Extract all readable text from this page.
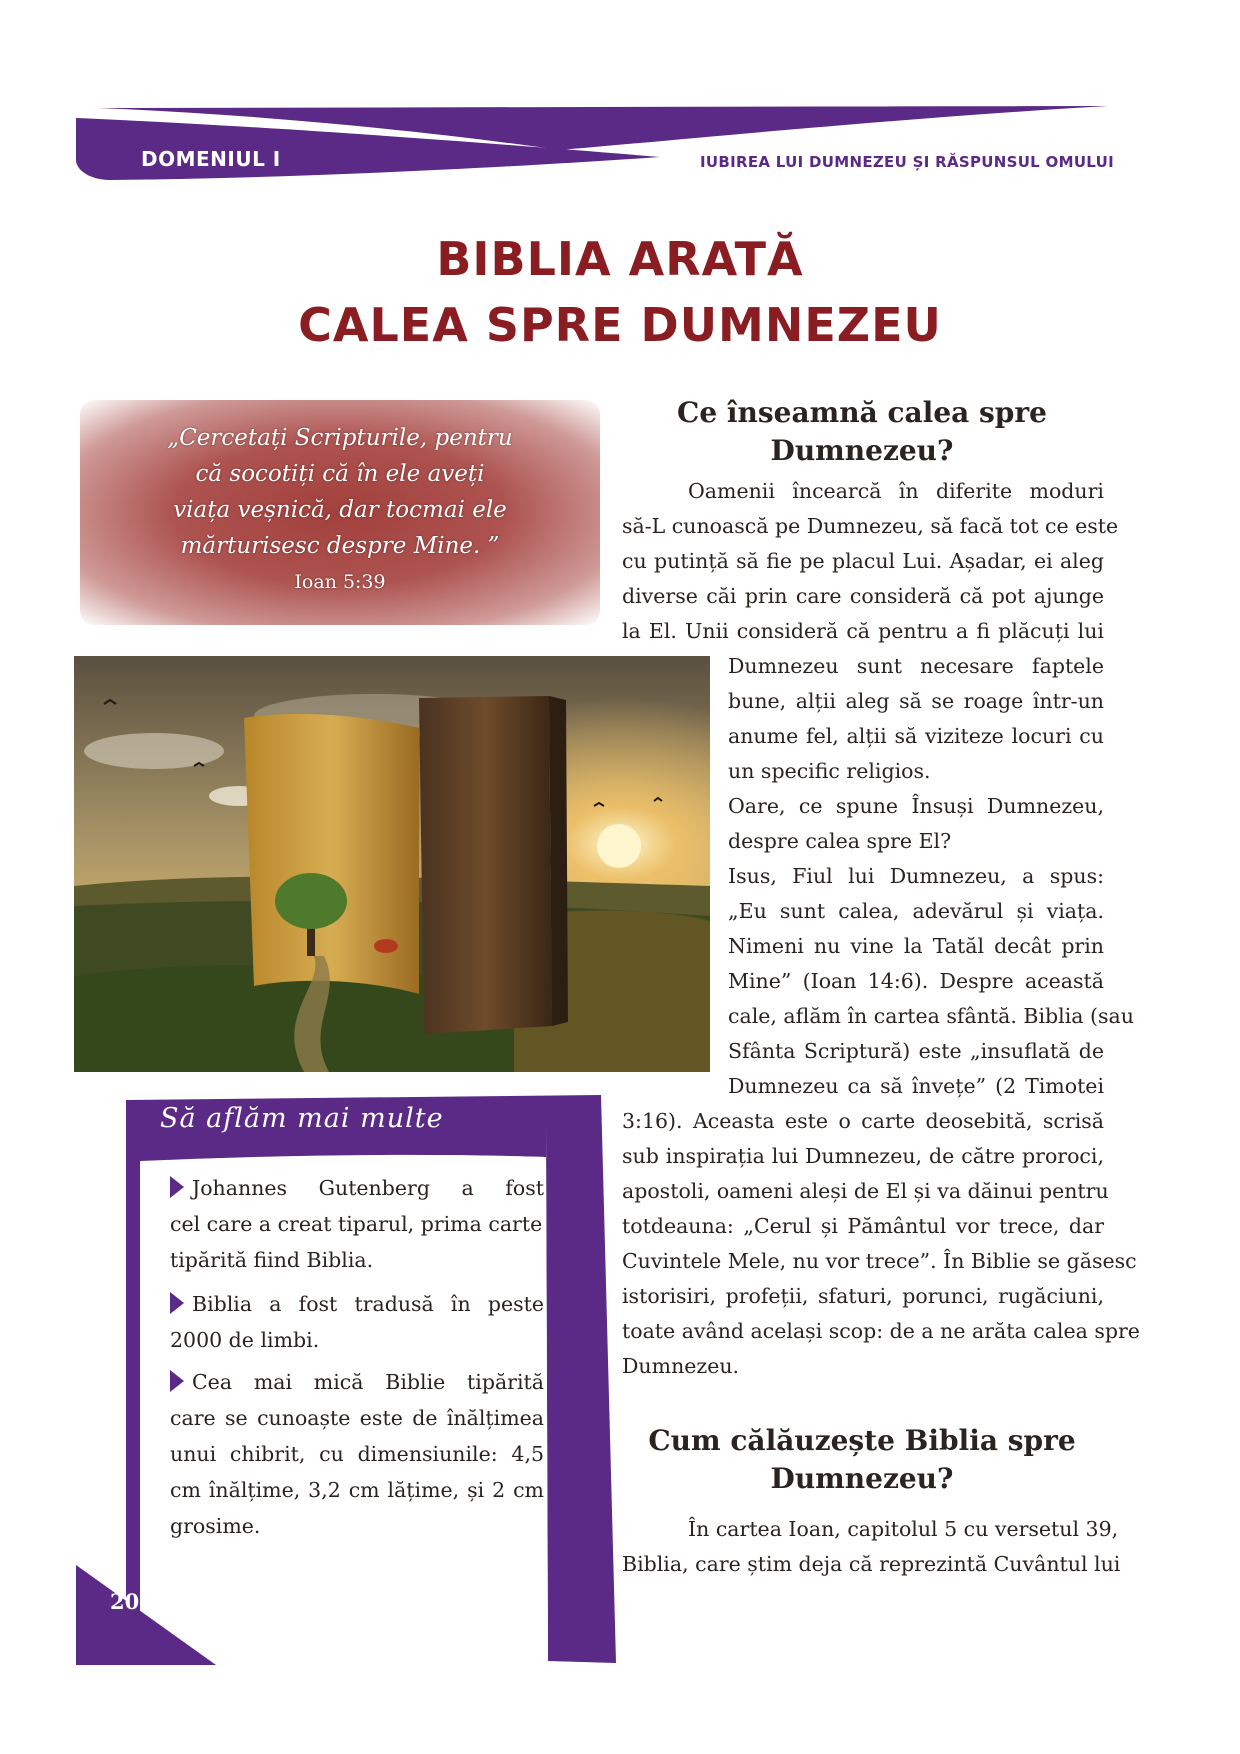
DOMENIUL I	IUBIREA LUI DUMNEZEU ȘI RĂSPUNSUL OMULUI
BIBLIA ARATĂ
CALEA SPRE DUMNEZEU
„Cercetați Scripturile, pentru
că socotiți că în ele aveți
viața veșnică, dar tocmai ele
mărturisesc despre Mine. ”
Ioan 5:39
Să aflăm mai multe
Johannes Gutenberg a fost
cel care a creat tiparul, prima carte
tipărită fiind Biblia.
Biblia a fost tradusă în peste
2000 de limbi.
Cea mai mică Biblie tipărită
care se cunoaște este de înălțimea
unui chibrit, cu dimensiunile: 4,5
cm înălțime, 3,2 cm lățime, și 2 cm
grosime.
20
Ce înseamnă calea spre
Dumnezeu?
Oamenii încearcă în diferite moduri
să-L cunoască pe Dumnezeu, să facă tot ce este
cu putință să fie pe placul Lui. Așadar, ei aleg
diverse căi prin care consideră că pot ajunge
la El. Unii consideră că pentru a fi plăcuți lui
Dumnezeu sunt necesare faptele
bune, alții aleg să se roage într-un
anume fel, alții să viziteze locuri cu
un specific religios.
Oare, ce spune Însuși Dumnezeu,
despre calea spre El?
Isus, Fiul lui Dumnezeu, a spus:
„Eu sunt calea, adevărul și viața.
Nimeni nu vine la Tatăl decât prin
Mine” (Ioan 14:6). Despre această
cale, aflăm în cartea sfântă. Biblia (sau
Sfânta Scriptură) este „insuflată de
Dumnezeu ca să învețe” (2 Timotei
3:16). Aceasta este o carte deosebită, scrisă
sub inspirația lui Dumnezeu, de către proroci,
apostoli, oameni aleși de El și va dăinui pentru
totdeauna: „Cerul și Pământul vor trece, dar
Cuvintele Mele, nu vor trece”. În Biblie se găsesc
istorisiri, profeții, sfaturi, porunci, rugăciuni,
toate având același scop: de a ne arăta calea spre
Dumnezeu.
Cum călăuzește Biblia spre
Dumnezeu?
În cartea Ioan, capitolul 5 cu versetul 39,
Biblia, care știm deja că reprezintă Cuvântul lui
